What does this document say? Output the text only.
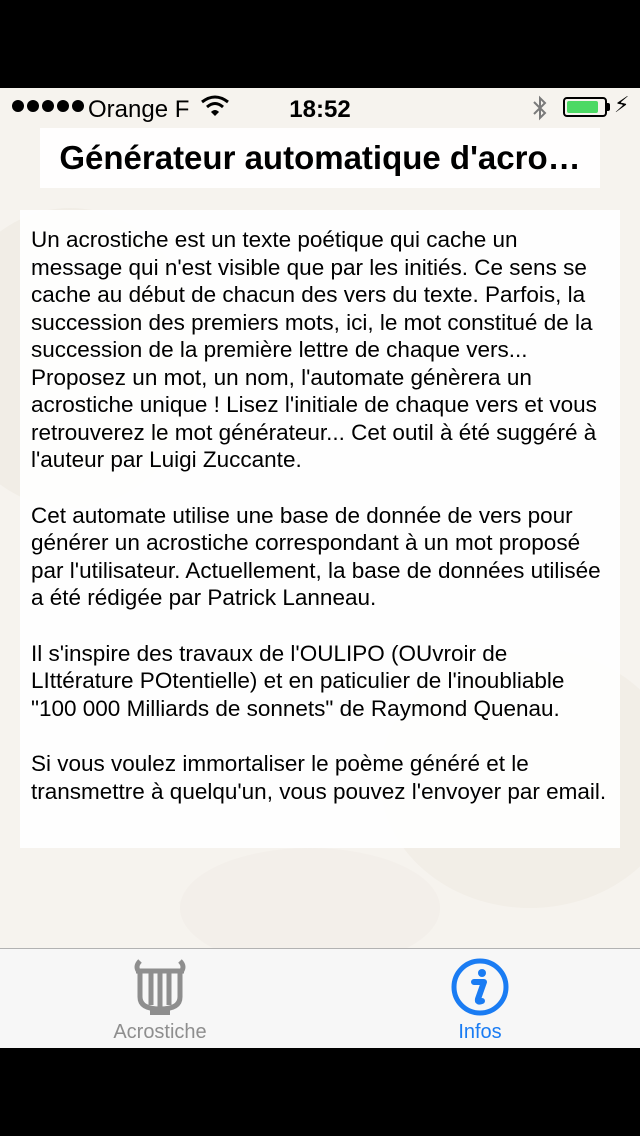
Orange F	18:52	⚡
Générateur automatique d'acro…

Un acrostiche est un texte poétique qui cache un message qui n'est visible que par les initiés. Ce sens se cache au début de chacun des vers du texte. Parfois, la succession des premiers mots, ici, le mot constitué de la succession de la première lettre de chaque vers... Proposez un mot, un nom, l'automate génèrera un acrostiche unique ! Lisez l'initiale de chaque vers et vous retrouverez le mot générateur... Cet outil à été suggéré à l'auteur par Luigi Zuccante.

Cet automate utilise une base de donnée de vers pour générer un acrostiche correspondant à un mot proposé par l'utilisateur. Actuellement, la base de données utilisée a été rédigée par Patrick Lanneau.

Il s'inspire des travaux de l'OULIPO (OUvroir de LIttérature POtentielle) et en paticulier de l'inoubliable "100 000 Milliards de sonnets" de Raymond Quenau.

Si vous voulez immortaliser le poème généré et le transmettre à quelqu'un, vous pouvez l'envoyer par email.

Acrostiche	Infos
